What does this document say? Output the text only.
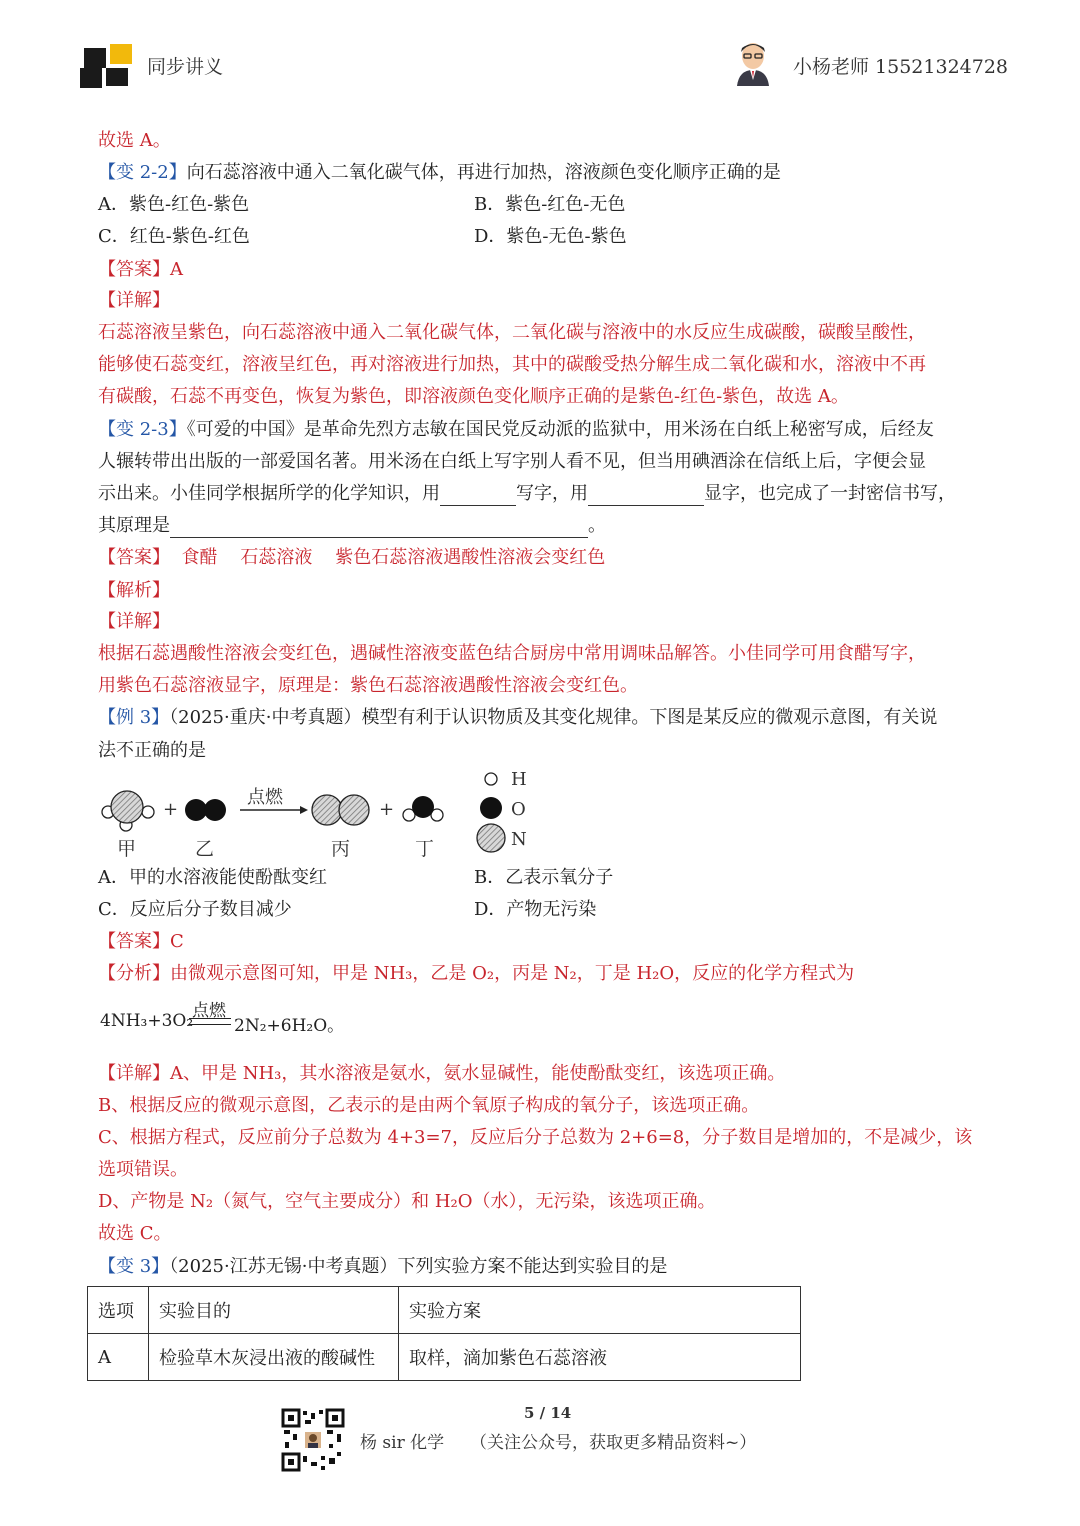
同步讲义	小杨老师 15521324728
故选 A。
【变 2-2】向石蕊溶液中通入二氧化碳气体，再进行加热，溶液颜色变化顺序正确的是
A．紫色-红色-紫色	B．紫色-红色-无色
C．红色-紫色-红色	D．紫色-无色-紫色
【答案】A
【详解】
石蕊溶液呈紫色，向石蕊溶液中通入二氧化碳气体，二氧化碳与溶液中的水反应生成碳酸，碳酸呈酸性，
能够使石蕊变红，溶液呈红色，再对溶液进行加热，其中的碳酸受热分解生成二氧化碳和水，溶液中不再
有碳酸，石蕊不再变色，恢复为紫色，即溶液颜色变化顺序正确的是紫色-红色-紫色，故选 A。
【变 2-3】《可爱的中国》是革命先烈方志敏在国民党反动派的监狱中，用米汤在白纸上秘密写成，后经友
人辗转带出出版的一部爱国名著。用米汤在白纸上写字别人看不见，但当用碘酒涂在信纸上后，字便会显
示出来。小佳同学根据所学的化学知识，用	写字，用	显字，也完成了一封密信书写，
其原理是	。
【答案】  食醋    石蕊溶液    紫色石蕊溶液遇酸性溶液会变红色
【解析】
【详解】
根据石蕊遇酸性溶液会变红色，遇碱性溶液变蓝色结合厨房中常用调味品解答。小佳同学可用食醋写字，
用紫色石蕊溶液显字，原理是：紫色石蕊溶液遇酸性溶液会变红色。
【例 3】（2025·重庆·中考真题）模型有利于认识物质及其变化规律。下图是某反应的微观示意图，有关说
法不正确的是
+
点燃
+
甲	乙	丙	丁
H
O
N
A．甲的水溶液能使酚酞变红	B．乙表示氧分子
C．反应后分子数目减少	D．产物无污染
【答案】C
【分析】由微观示意图可知，甲是 NH₃，乙是 O₂，丙是 N₂，丁是 H₂O，反应的化学方程式为
4NH₃+3O₂
点燃
2N₂+6H₂O。
【详解】A、甲是 NH₃，其水溶液是氨水，氨水显碱性，能使酚酞变红，该选项正确。
B、根据反应的微观示意图，乙表示的是由两个氧原子构成的氧分子，该选项正确。
C、根据方程式，反应前分子总数为 4+3=7，反应后分子总数为 2+6=8，分子数目是增加的，不是减少，该
选项错误。
D、产物是 N₂（氮气，空气主要成分）和 H₂O（水），无污染，该选项正确。
故选 C。
【变 3】（2025·江苏无锡·中考真题）下列实验方案不能达到实验目的是
选项	实验目的	实验方案
A	检验草木灰浸出液的酸碱性	取样，滴加紫色石蕊溶液
5 / 14
杨 sir 化学 （关注公众号，获取更多精品资料~）
